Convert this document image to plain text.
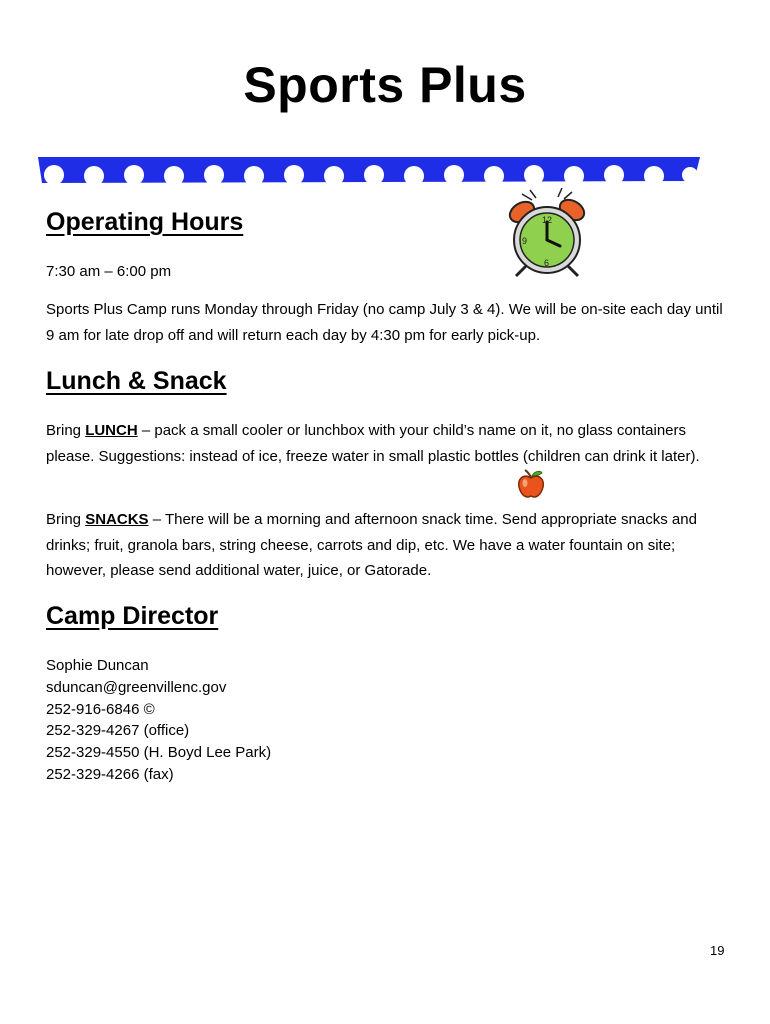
Sports Plus
Operating Hours
7:30 am – 6:00 pm
Sports Plus Camp runs Monday through Friday (no camp July 3 & 4). We will be on-site each day until 9 am for late drop off and will return each day by 4:30 pm for early pick-up.
12
9
6
Lunch & Snack
Bring LUNCH – pack a small cooler or lunchbox with your child’s name on it, no glass containers please. Suggestions: instead of ice, freeze water in small plastic bottles (children can drink it later).
Bring SNACKS – There will be a morning and afternoon snack time. Send appropriate snacks and drinks; fruit, granola bars, string cheese, carrots and dip, etc. We have a water fountain on site; however, please send additional water, juice, or Gatorade.
Camp Director
Sophie Duncan
sduncan@greenvillenc.gov
252-916-6846 ©
252-329-4267 (office)
252-329-4550 (H. Boyd Lee Park)
252-329-4266 (fax)
19
